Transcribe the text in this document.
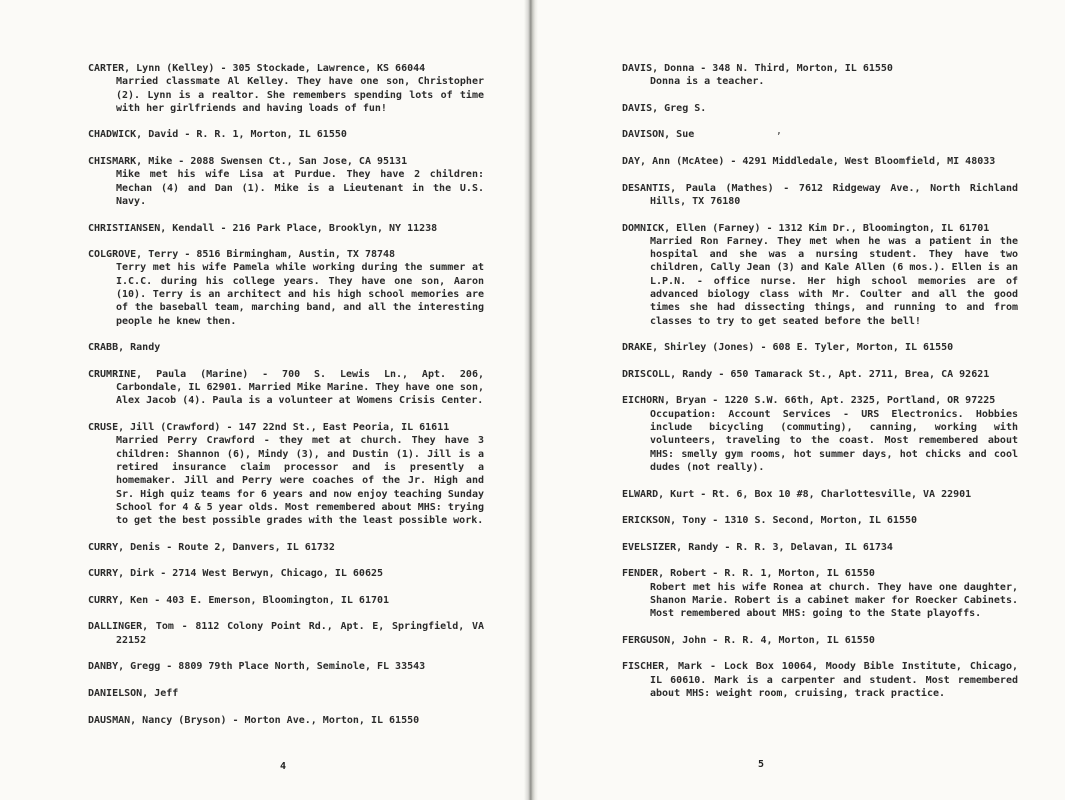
CARTER, Lynn (Kelley) - 305 Stockade, Lawrence, KS 66044
Married classmate Al Kelley. They have one son, Christopher (2). Lynn is a realtor. She remembers spending lots of time with her girlfriends and having loads of fun!
CHADWICK, David - R. R. 1, Morton, IL 61550
CHISMARK, Mike - 2088 Swensen Ct., San Jose, CA 95131
Mike met his wife Lisa at Purdue. They have 2 children: Mechan (4) and Dan (1). Mike is a Lieutenant in the U.S. Navy.
CHRISTIANSEN, Kendall - 216 Park Place, Brooklyn, NY 11238
COLGROVE, Terry - 8516 Birmingham, Austin, TX 78748
Terry met his wife Pamela while working during the summer at I.C.C. during his college years. They have one son, Aaron (10). Terry is an architect and his high school memories are of the baseball team, marching band, and all the interesting people he knew then.
CRABB, Randy
CRUMRINE, Paula (Marine) - 700 S. Lewis Ln., Apt. 206, Carbondale, IL 62901. Married Mike Marine. They have one son, Alex Jacob (4). Paula is a volunteer at Womens Crisis Center.
CRUSE, Jill (Crawford) - 147 22nd St., East Peoria, IL 61611
Married Perry Crawford - they met at church. They have 3 children: Shannon (6), Mindy (3), and Dustin (1). Jill is a retired insurance claim processor and is presently a homemaker. Jill and Perry were coaches of the Jr. High and Sr. High quiz teams for 6 years and now enjoy teaching Sunday School for 4 & 5 year olds. Most remembered about MHS: trying to get the best possible grades with the least possible work.
CURRY, Denis - Route 2, Danvers, IL 61732
CURRY, Dirk - 2714 West Berwyn, Chicago, IL 60625
CURRY, Ken - 403 E. Emerson, Bloomington, IL 61701
DALLINGER, Tom - 8112 Colony Point Rd., Apt. E, Springfield, VA 22152
DANBY, Gregg - 8809 79th Place North, Seminole, FL 33543
DANIELSON, Jeff
DAUSMAN, Nancy (Bryson) - Morton Ave., Morton, IL 61550
DAVIS, Donna - 348 N. Third, Morton, IL 61550
Donna is a teacher.
DAVIS, Greg S.
DAVISON, Sue
DAY, Ann (McAtee) - 4291 Middledale, West Bloomfield, MI 48033
DESANTIS, Paula (Mathes) - 7612 Ridgeway Ave., North Richland Hills, TX 76180
DOMNICK, Ellen (Farney) - 1312 Kim Dr., Bloomington, IL 61701
Married Ron Farney. They met when he was a patient in the hospital and she was a nursing student. They have two children, Cally Jean (3) and Kale Allen (6 mos.). Ellen is an L.P.N. - office nurse. Her high school memories are of advanced biology class with Mr. Coulter and all the good times she had dissecting things, and running to and from classes to try to get seated before the bell!
DRAKE, Shirley (Jones) - 608 E. Tyler, Morton, IL 61550
DRISCOLL, Randy - 650 Tamarack St., Apt. 2711, Brea, CA 92621
EICHORN, Bryan - 1220 S.W. 66th, Apt. 2325, Portland, OR 97225
Occupation: Account Services - URS Electronics. Hobbies include bicycling (commuting), canning, working with volunteers, traveling to the coast. Most remembered about MHS: smelly gym rooms, hot summer days, hot chicks and cool dudes (not really).
ELWARD, Kurt - Rt. 6, Box 10 #8, Charlottesville, VA 22901
ERICKSON, Tony - 1310 S. Second, Morton, IL 61550
EVELSIZER, Randy - R. R. 3, Delavan, IL 61734
FENDER, Robert - R. R. 1, Morton, IL 61550
Robert met his wife Ronea at church. They have one daughter, Shanon Marie. Robert is a cabinet maker for Roecker Cabinets. Most remembered about MHS: going to the State playoffs.
FERGUSON, John - R. R. 4, Morton, IL 61550
FISCHER, Mark - Lock Box 10064, Moody Bible Institute, Chicago, IL 60610. Mark is a carpenter and student. Most remembered about MHS: weight room, cruising, track practice.
’
4	5
